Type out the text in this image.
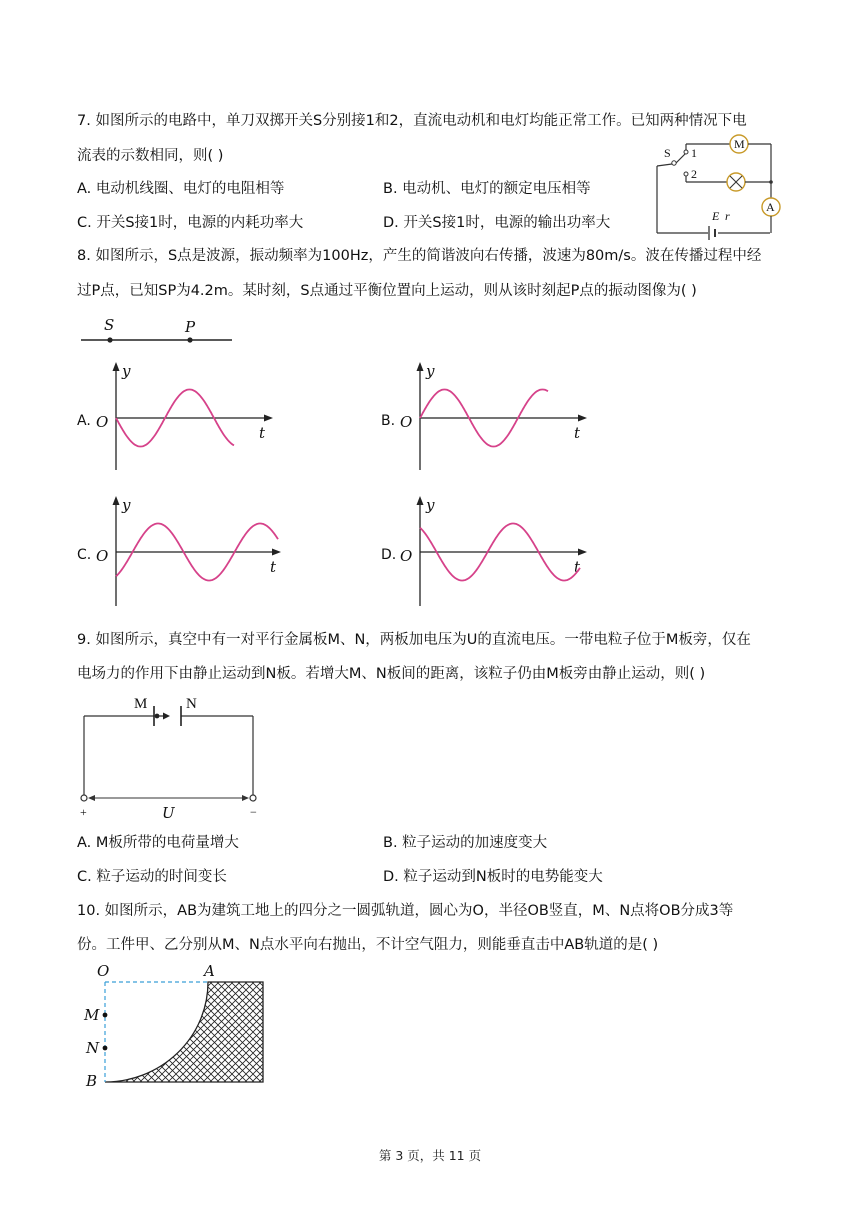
7. 如图所示的电路中，单刀双掷开关S分别接1和2，直流电动机和电灯均能正常工作。已知两种情况下电
流表的示数相同，则( )
A. 电动机线圈、电灯的电阻相等	B. 电动机、电灯的额定电压相等
C. 开关S接1时，电源的内耗功率大	D. 开关S接1时，电源的输出功率大
S 1
2
M
A
E r
8. 如图所示，S点是波源，振动频率为100Hz，产生的简谐波向右传播，波速为80m/s。波在传播过程中经
过P点，已知SP为4.2m。某时刻，S点通过平衡位置向上运动，则从该时刻起P点的振动图像为( )
S	P
A. O
y
t
B. O
y
t
C. O
y
t
D. O
y
t
9. 如图所示，真空中有一对平行金属板M、N，两板加电压为U的直流电压。一带电粒子位于M板旁，仅在
电场力的作用下由静止运动到N板。若增大M、N板间的距离，该粒子仍由M板旁由静止运动，则( )
M	N
U
+	−
A. M板所带的电荷量增大	B. 粒子运动的加速度变大
C. 粒子运动的时间变长	D. 粒子运动到N板时的电势能变大
10. 如图所示，AB为建筑工地上的四分之一圆弧轨道，圆心为O，半径OB竖直，M、N点将OB分成3等
份。工件甲、乙分别从M、N点水平向右抛出，不计空气阻力，则能垂直击中AB轨道的是( )
O	A
M
N
B
第 3 页，共 11 页
